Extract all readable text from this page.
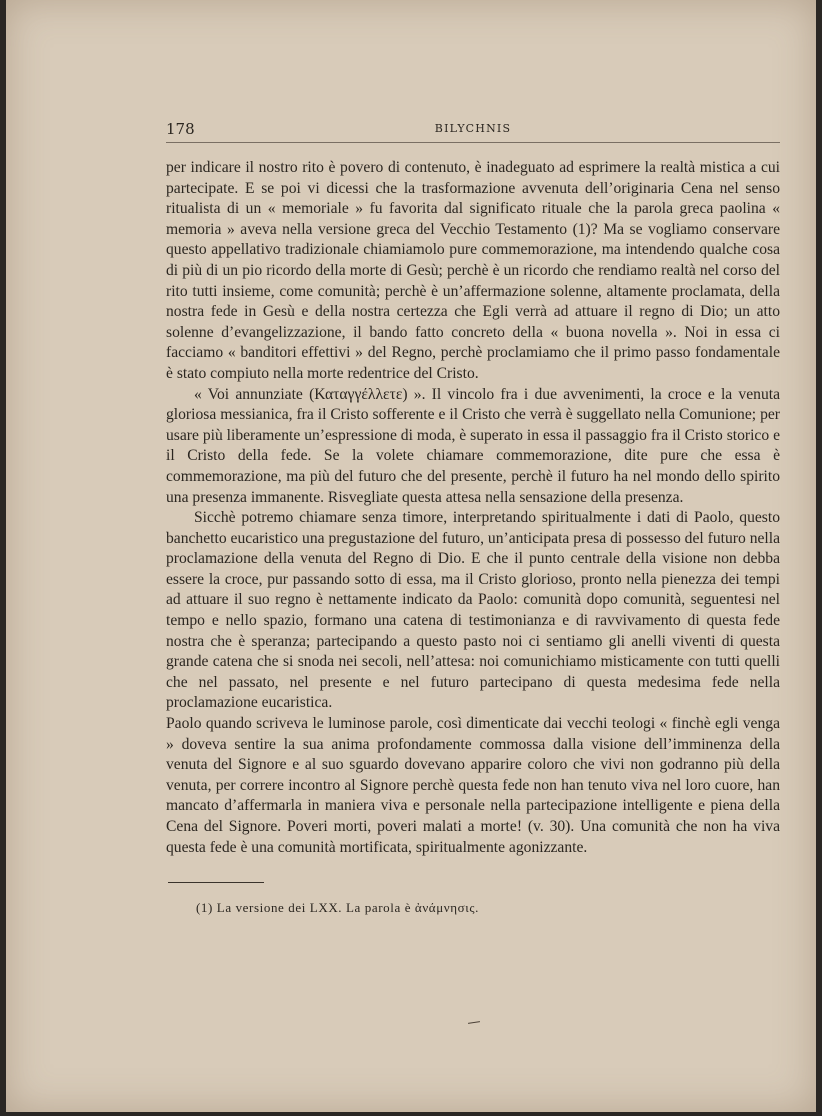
178	BILYCHNIS

per indicare il nostro rito è povero di contenuto, è inadeguato ad esprimere la realtà mistica a cui partecipate. E se poi vi dicessi che la trasformazione avvenuta dell’originaria Cena nel senso ritualista di un « memoriale » fu favorita dal significato rituale che la parola greca paolina « memoria » aveva nella versione greca del Vecchio Testamento (1)? Ma se vogliamo conservare questo appellativo tradizionale chiamiamolo pure commemorazione, ma intendendo qualche cosa di più di un pio ricordo della morte di Gesù; perchè è un ricordo che rendiamo realtà nel corso del rito tutti insieme, come comunità; perchè è un’affermazione solenne, altamente proclamata, della nostra fede in Gesù e della nostra certezza che Egli verrà ad attuare il regno di Dio; un atto solenne d’evangelizzazione, il bando fatto concreto della « buona novella ». Noi in essa ci facciamo « banditori effettivi » del Regno, perchè proclamiamo che il primo passo fondamentale è stato compiuto nella morte redentrice del Cristo.

« Voi annunziate (Καταγγέλλετε) ». Il vincolo fra i due avvenimenti, la croce e la venuta gloriosa messianica, fra il Cristo sofferente e il Cristo che verrà è suggellato nella Comunione; per usare più liberamente un’espressione di moda, è superato in essa il passaggio fra il Cristo storico e il Cristo della fede. Se la volete chiamare commemorazione, dite pure che essa è commemorazione, ma più del futuro che del presente, perchè il futuro ha nel mondo dello spirito una presenza immanente. Risvegliate questa attesa nella sensazione della presenza.

Sicchè potremo chiamare senza timore, interpretando spiritualmente i dati di Paolo, questo banchetto eucaristico una pregustazione del futuro, un’anticipata presa di possesso del futuro nella proclamazione della venuta del Regno di Dio. E che il punto centrale della visione non debba essere la croce, pur passando sotto di essa, ma il Cristo glorioso, pronto nella pienezza dei tempi ad attuare il suo regno è nettamente indicato da Paolo: comunità dopo comunità, seguentesi nel tempo e nello spazio, formano una catena di testimonianza e di ravvivamento di questa fede nostra che è speranza; partecipando a questo pasto noi ci sentiamo gli anelli viventi di questa grande catena che si snoda nei secoli, nell’attesa: noi comunichiamo misticamente con tutti quelli che nel passato, nel presente e nel futuro partecipano di questa medesima fede nella proclamazione eucaristica.

Paolo quando scriveva le luminose parole, così dimenticate dai vecchi teologi « finchè egli venga » doveva sentire la sua anima profondamente commossa dalla visione dell’imminenza della venuta del Signore e al suo sguardo dovevano apparire coloro che vivi non godranno più della venuta, per correre incontro al Signore perchè questa fede non han tenuto viva nel loro cuore, han mancato d’affermarla in maniera viva e personale nella partecipazione intelligente e piena della Cena del Signore. Poveri morti, poveri malati a morte! (v. 30). Una comunità che non ha viva questa fede è una comunità mortificata, spiritualmente agonizzante.

(1) La versione dei LXX. La parola è ἀνάμνησις.
